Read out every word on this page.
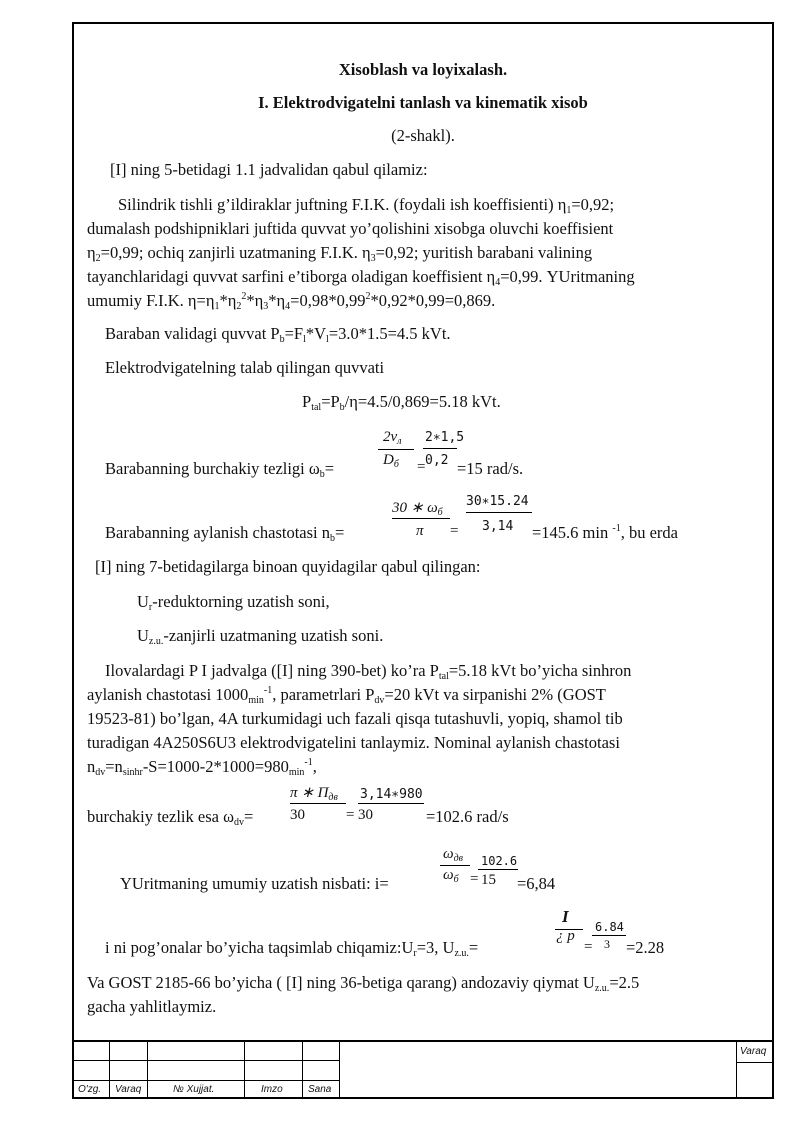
Xisoblash va loyixalash.
I. Elektrodvigatelni tanlash va kinematik xisob
(2-shakl).
[I] ning 5-betidagi 1.1 jadvalidan qabul qilamiz:
Silindrik tishli g’ildiraklar juftning F.I.K. (foydali ish koeffisienti) $\eta_1=0,92$;
dumalash podshipniklari juftida quvvat yo’qolishini xisobga oluvchi koeffisient
$\eta_2=0,99$; ochiq zanjirli uzatmaning F.I.K. $\eta_3=0,92$; yuritish barabani valining
tayanchlaridagi quvvat sarfini e’tiborga oladigan koeffisient $\eta_4=0,99$. YUritmaning
umumiy F.I.K. $\eta=\eta_1*\eta_2^2*\eta_3*\eta_4=0,98*0,99^2*0,92*0,99=0,869$.
Baraban validagi quvvat $P_b=F_l*V_l=3.0*1.5=4.5$ kVt.
Elektrodvigatelning talab qilingan quvvati
$P_{tal}=P_b/\eta=4.5/0,869=5.18$ kVt.
Barabanning burchakiy tezligi $\omega_b=$
$2v_л$
$D_б$ =
2∗1,5
0,2 =15 rad/s.
Barabanning aylanish chastotasi $n_b=$
30 ∗ $\omega_б$
π =
30∗15.24
3,14 =145.6 min $^{-1}$, bu erda
[I] ning 7-betidagilarga binoan quyidagilar qabul qilingan:
$U_r$-reduktorning uzatish soni,
$U_{z.u.}$-zanjirli uzatmaning uzatish soni.
Ilovalardagi P I jadvalga ([I] ning 390-bet) ko’ra $P_{tal}=5.18$ kVt bo’yicha sinhron
aylanish chastotasi $1000_{min}^{-1}$, parametrlari $P_{dv}=20$ kVt va sirpanishi 2% (GOST
19523-81) bo’lgan, 4A turkumidagi uch fazali qisqa tutashuvli, yopiq, shamol tib
turadigan 4A250S6U3 elektrodvigatelini tanlaymiz. Nominal aylanish chastotasi
$n_{dv}=n_{sinhr}-S=1000-2*1000=980_{min}^{-1}$,
burchakiy tezlik esa $\omega_{dv}=$
π ∗ $П_{дв}$
30	=
3,14∗980
30	=102.6 rad/s
YUritmaning umumiy uzatish nisbati: i=
$\omega_{дв}$
$\omega_б$ =
102.6
15 =6,84
i ni pog’onalar bo’yicha taqsimlab $chiqamiz:U_r=3$, $U_{z.u.}=$
I
¿ p
=
6.84
3 =2.28
Va GOST 2185-66 bo’yicha ( [I] ning 36-betiga qarang) andozaviy qiymat $U_{z.u.}=2.5$
gacha yahlitlaymiz.
O'zg. Varaq	№ Xujjat.	Imzo	Sana
Varaq
